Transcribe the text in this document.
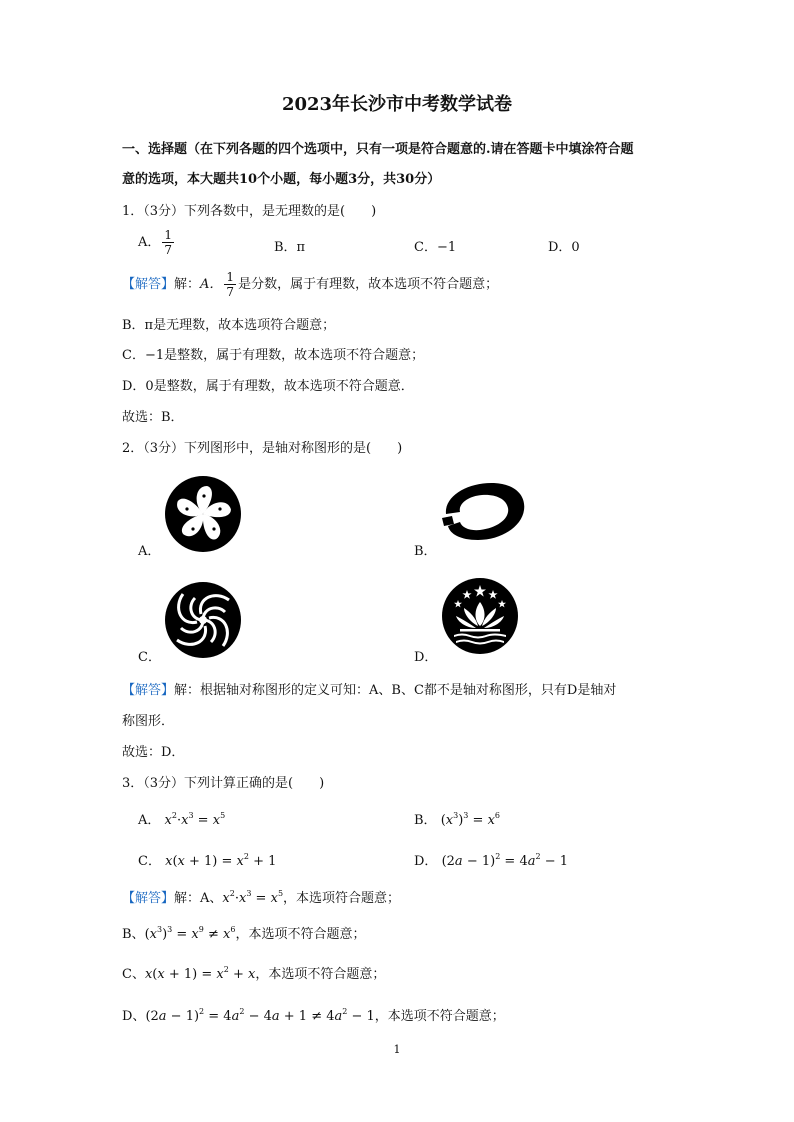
2023年长沙市中考数学试卷
一、选择题（在下列各题的四个选项中，只有一项是符合题意的.请在答题卡中填涂符合题
意的选项，本大题共10个小题，每小题3分，共30分）
1．（3分）下列各数中，是无理数的是(　　)
A． $\frac{1}{7}$	B．π	C．−1	D．0
【解答】解：A． $\frac{1}{7}$ 是分数，属于有理数，故本选项不符合题意；
B．π是无理数，故本选项符合题意；
C．−1是整数，属于有理数，故本选项不符合题意；
D．0是整数，属于有理数，故本选项不符合题意．
故选：B．
2．（3分）下列图形中，是轴对称图形的是(　　)
A．	B．
C．	D．
【解答】解：根据轴对称图形的定义可知：A、B、C都不是轴对称图形，只有D是轴对
称图形．
故选：D．
3．（3分）下列计算正确的是(　　)
A． $x^2\cdot x^3 = x^5$	B． $(x^3)^3 = x^6$
C． $x(x + 1) = x^2 + 1$	D． $(2a - 1)^2 = 4a^2 - 1$
【解答】解：A、$x^2\cdot x^3 = x^5$，本选项符合题意；
B、$(x^3)^3 = x^9 \ne x^6$，本选项不符合题意；
C、$x(x + 1) = x^2 + x$，本选项不符合题意；
D、$(2a - 1)^2 = 4a^2 - 4a + 1 \ne 4a^2 - 1$，本选项不符合题意；
1
